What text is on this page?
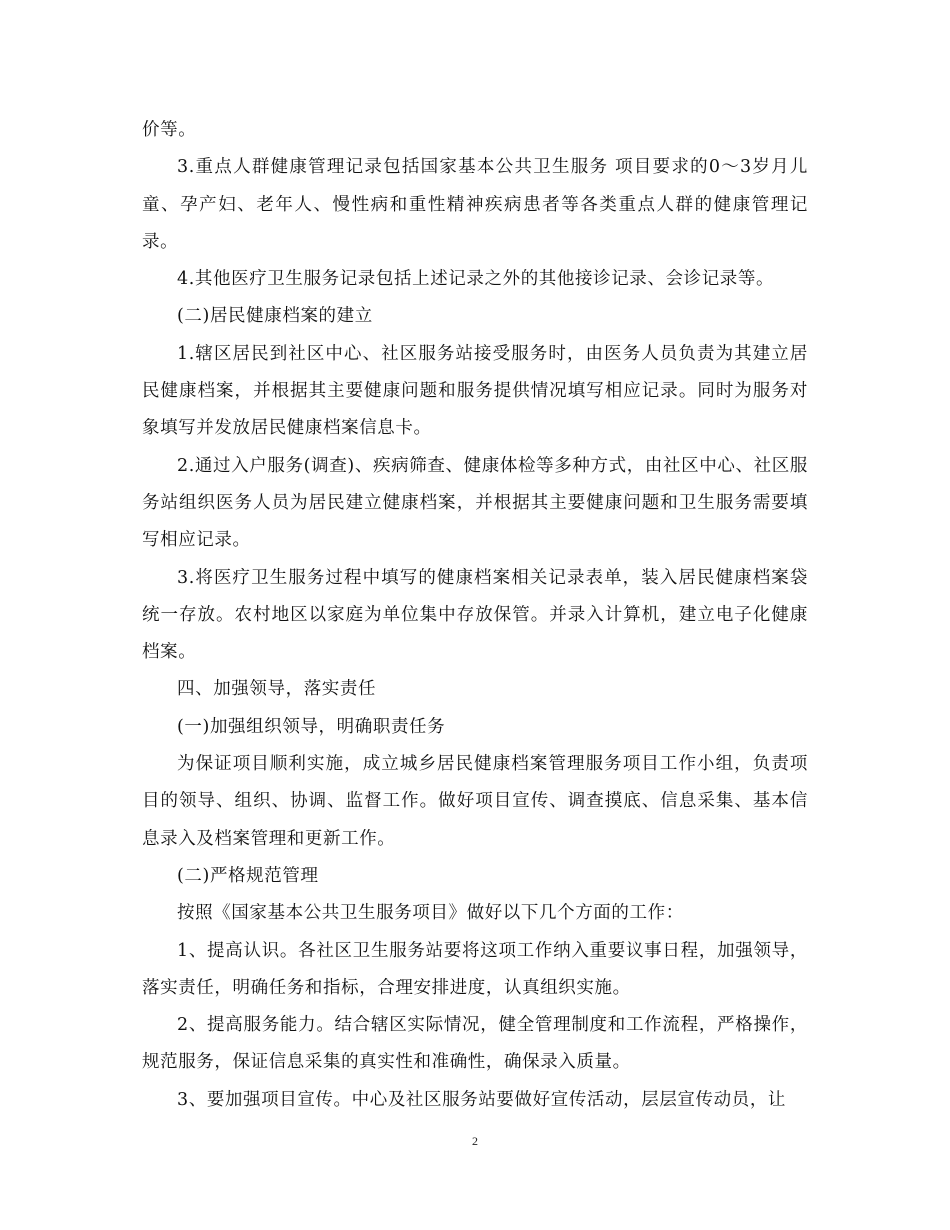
价等。

3.重点人群健康管理记录包括国家基本公共卫生服务 项目要求的0～3岁月儿童、孕产妇、老年人、慢性病和重性精神疾病患者等各类重点人群的健康管理记录。

4.其他医疗卫生服务记录包括上述记录之外的其他接诊记录、会诊记录等。

(二)居民健康档案的建立

1.辖区居民到社区中心、社区服务站接受服务时，由医务人员负责为其建立居民健康档案，并根据其主要健康问题和服务提供情况填写相应记录。同时为服务对象填写并发放居民健康档案信息卡。

2.通过入户服务(调查)、疾病筛查、健康体检等多种方式，由社区中心、社区服务站组织医务人员为居民建立健康档案，并根据其主要健康问题和卫生服务需要填写相应记录。

3.将医疗卫生服务过程中填写的健康档案相关记录表单，装入居民健康档案袋统一存放。农村地区以家庭为单位集中存放保管。并录入计算机，建立电子化健康档案。

四、加强领导，落实责任

(一)加强组织领导，明确职责任务

为保证项目顺利实施，成立城乡居民健康档案管理服务项目工作小组，负责项目的领导、组织、协调、监督工作。做好项目宣传、调查摸底、信息采集、基本信息录入及档案管理和更新工作。

(二)严格规范管理

按照《国家基本公共卫生服务项目》做好以下几个方面的工作：

1、提高认识。各社区卫生服务站要将这项工作纳入重要议事日程，加强领导，落实责任，明确任务和指标，合理安排进度，认真组织实施。

2、提高服务能力。结合辖区实际情况，健全管理制度和工作流程，严格操作，规范服务，保证信息采集的真实性和准确性，确保录入质量。

3、要加强项目宣传。中心及社区服务站要做好宣传活动，层层宣传动员，让

2
